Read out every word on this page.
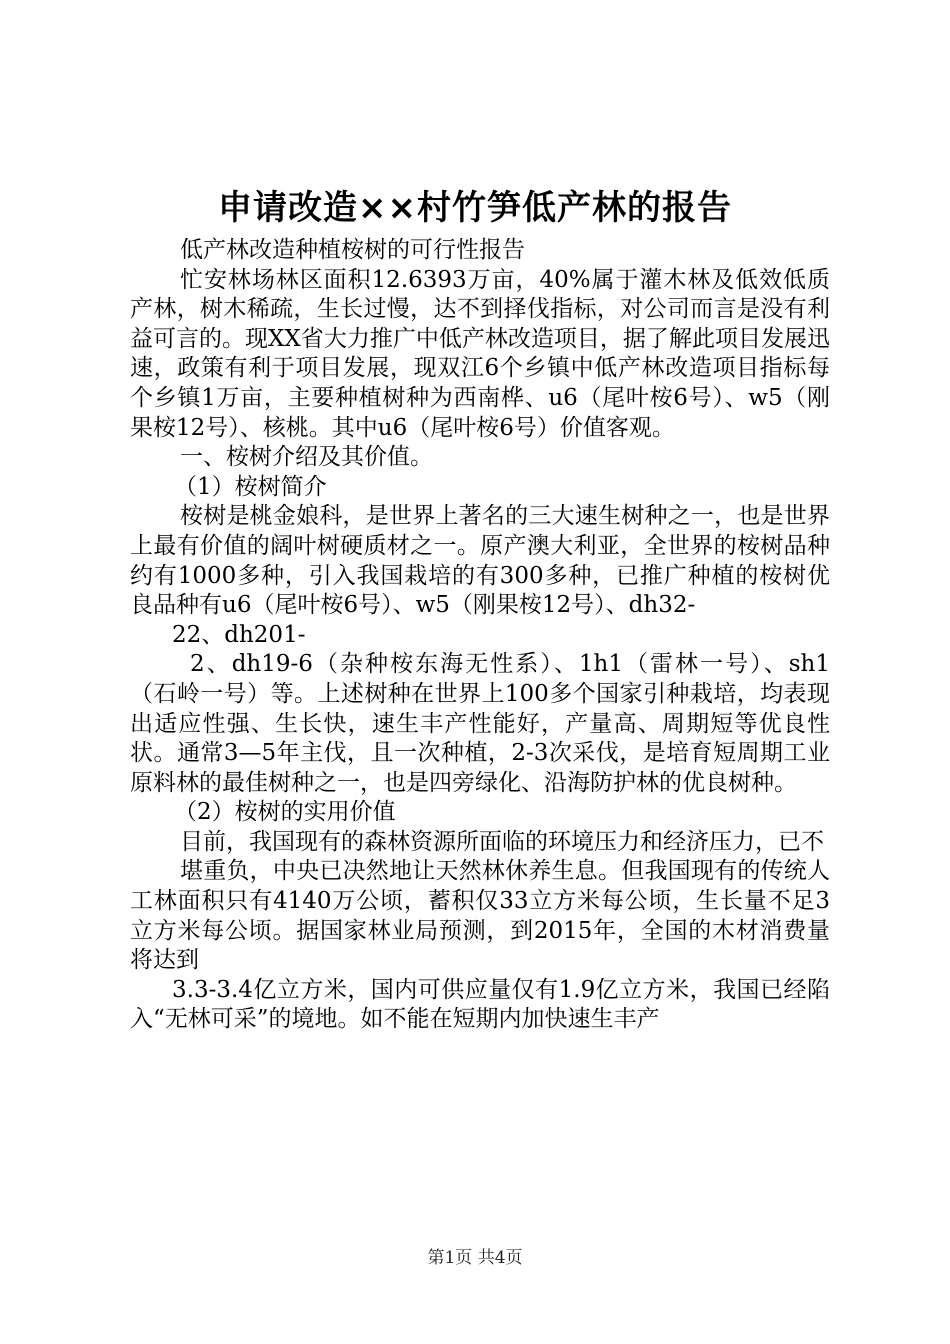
申请改造××村竹笋低产林的报告

低产林改造种植桉树的可行性报告

忙安林场林区面积12.6393万亩，40%属于灌木林及低效低质产林，树木稀疏，生长过慢，达不到择伐指标，对公司而言是没有利益可言的。现XX省大力推广中低产林改造项目，据了解此项目发展迅速，政策有利于项目发展，现双江6个乡镇中低产林改造项目指标每个乡镇1万亩，主要种植树种为西南桦、u6（尾叶桉6号）、w5（刚果桉12号）、核桃。其中u6（尾叶桉6号）价值客观。

一、桉树介绍及其价值。

（1）桉树简介

桉树是桃金娘科，是世界上著名的三大速生树种之一，也是世界上最有价值的阔叶树硬质材之一。原产澳大利亚，全世界的桉树品种约有1000多种，引入我国栽培的有300多种，已推广种植的桉树优良品种有u6（尾叶桉6号）、w5（刚果桉12号）、dh32-

22、dh201-

2、dh19-6（杂种桉东海无性系）、1h1（雷林一号）、sh1（石岭一号）等。上述树种在世界上100多个国家引种栽培，均表现出适应性强、生长快，速生丰产性能好，产量高、周期短等优良性状。通常3—5年主伐，且一次种植，2-3次采伐，是培育短周期工业原料林的最佳树种之一，也是四旁绿化、沿海防护林的优良树种。

（2）桉树的实用价值

目前，我国现有的森林资源所面临的环境压力和经济压力，已不

堪重负，中央已决然地让天然林休养生息。但我国现有的传统人工林面积只有4140万公顷，蓄积仅33立方米每公顷，生长量不足3立方米每公顷。据国家林业局预测，到2015年，全国的木材消费量将达到

3.3-3.4亿立方米，国内可供应量仅有1.9亿立方米，我国已经陷入“无林可采”的境地。如不能在短期内加快速生丰产

第1页 共4页
